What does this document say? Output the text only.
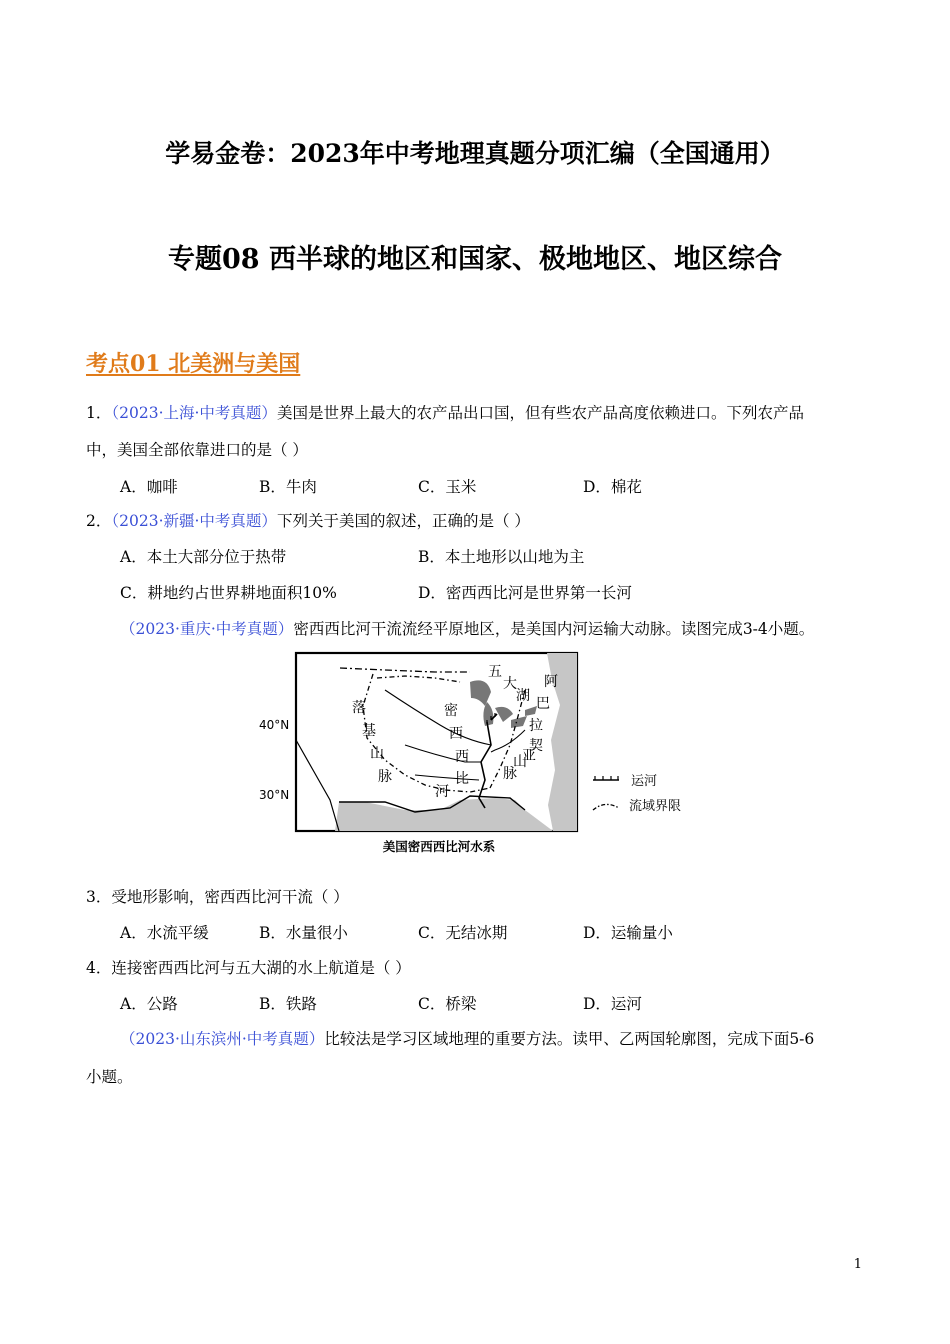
学易金卷：2023年中考地理真题分项汇编（全国通用）
专题08 西半球的地区和国家、极地地区、地区综合
考点01 北美洲与美国
1．（2023·上海·中考真题）美国是世界上最大的农产品出口国，但有些农产品高度依赖进口。下列农产品
中，美国全部依靠进口的是（ ）
A．咖啡	B．牛肉	C．玉米	D．棉花
2．（2023·新疆·中考真题）下列关于美国的叙述，正确的是（ ）
A．本土大部分位于热带	B．本土地形以山地为主
C．耕地约占世界耕地面积10%	D．密西西比河是世界第一长河
（2023·重庆·中考真题）密西西比河干流流经平原地区，是美国内河运输大动脉。读图完成3-4小题。
40°N
30°N
落
基
山
脉
密
西
西
比
河
五
大
湖
阿
巴
拉
契
亚
山
脉	运河
流域界限
美国密西西比河水系
3．受地形影响，密西西比河干流（ ）
A．水流平缓	B．水量很小	C．无结冰期	D．运输量小
4．连接密西西比河与五大湖的水上航道是（ ）
A．公路	B．铁路	C．桥梁	D．运河
（2023·山东滨州·中考真题）比较法是学习区域地理的重要方法。读甲、乙两国轮廓图，完成下面5-6
小题。
1
